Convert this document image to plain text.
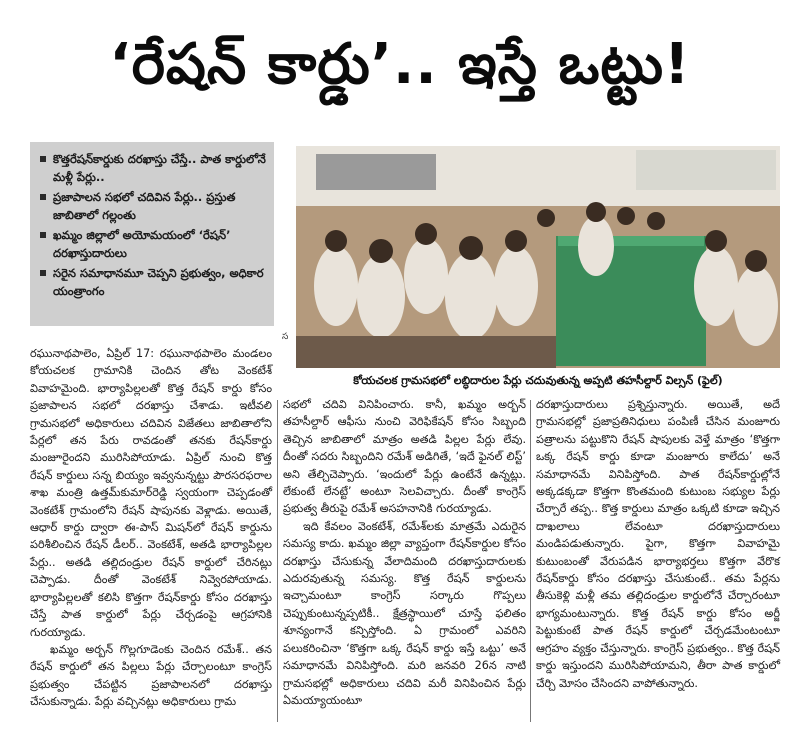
‘రేషన్ కార్డు’.. ఇస్తే ఒట్టు!
కొత్తరేషన్‌కార్డుకు దరఖాస్తు చేస్తే.. పాత కార్డులోనే మళ్లీ పేర్లు..
ప్రజాపాలన సభలో చదివిన పేర్లు.. ప్రస్తుత జాబితాలో గల్లంతు
ఖమ్మం జిల్లాలో అయోమయంలో ‘రేషన్’ దరఖాస్తుదారులు
సరైన సమాధానమూ చెప్పని ప్రభుత్వం, అధికార యంత్రాంగం
స
కోయచలక గ్రామసభలో లబ్ధిదారుల పేర్లు చదువుతున్న అప్పటి తహసీల్దార్ విల్సన్ (ఫైల్)

రఘునాథపాలెం, ఏప్రిల్ 17: రఘునాథపాలెం మండలం కోయచలక గ్రామానికి చెందిన తోట వెంకటేశ్ వివాహమైంది. భార్యాపిల్లలతో కొత్త రేషన్ కార్డు కోసం ప్రజాపాలన సభలో దరఖాస్తు చేశాడు. ఇటీవలి గ్రామసభలో అధికారులు చదివిన విజేతలు జాబితాలోని పేర్లలో తన పేరు రావడంతో తనకు రేషన్‌కార్డు మంజూరైందని మురిసిపోయాడు. ఏప్రిల్ నుంచి కొత్త రేషన్ కార్డులు సన్న బియ్యం ఇవ్వనున్నట్టు పౌరసరఫరాల శాఖ మంత్రి ఉత్తమ్‌కుమార్‌రెడ్డి స్వయంగా చెప్పడంతో వెంకటేశ్ గ్రామంలోని రేషన్ షాపునకు వెళ్లాడు. అయితే, ఆధార్ కార్డు ద్వారా ఈ-పాస్ మిషన్‌లో రేషన్ కార్డును పరిశీలించిన రేషన్ డీలర్.. వెంకటేశ్, అతడి భార్యాపిల్లల పేర్లు.. అతడి తల్లిదండ్రుల రేషన్ కార్డులో చేరినట్లు చెప్పాడు. దీంతో వెంకటేశ్ నివ్వెరపోయాడు. భార్యాపిల్లలతో కలిసి కొత్తగా రేషన్‌కార్డు కోసం దరఖాస్తు చేస్తే పాత కార్డులో పేర్లు చేర్చడంపై ఆగ్రహానికి గురయ్యాడు.

ఖమ్మం అర్బన్ గొల్లగూడెంకు చెందిన రమేశ్.. తన రేషన్ కార్డులో తన పిల్లలు పేర్లు చేర్చాలంటూ కాంగ్రెస్ ప్రభుత్వం చేపట్టిన ప్రజాపాలనలో దరఖాస్తు చేసుకున్నాడు. పేర్లు వచ్చినట్లు అధికారులు గ్రామ

సభలో చదివి వినిపించారు. కానీ, ఖమ్మం అర్బన్ తహసీల్దార్ ఆఫీసు నుంచి వెరిఫికేషన్ కోసం సిబ్బంది తెచ్చిన జాబితాలో మాత్రం అతడి పిల్లల పేర్లు లేవు. దీంతో సదరు సిబ్బందిని రమేశ్ అడిగితే, ‘ఇదే ఫైనల్ లిస్ట్’ అని తేల్చిచెప్పారు. ‘ఇందులో పేర్లు ఉంటేనే ఉన్నట్లు. లేకుంటే లేనట్టే’ అంటూ సెలవిచ్చారు. దీంతో కాంగ్రెస్ ప్రభుత్వ తీరుపై రమేశ్ అసహనానికి గురయ్యాడు.

ఇది కేవలం వెంకటేశ్, రమేశ్‌లకు మాత్రమే ఎదురైన సమస్య కాదు. ఖమ్మం జిల్లా వ్యాప్తంగా రేషన్‌కార్డుల కోసం దరఖాస్తు చేసుకున్న వేలాదిమంది దరఖాస్తుదారులకు ఎదురవుతున్న సమస్య. కొత్త రేషన్ కార్డులను ఇచ్చామంటూ కాంగ్రెస్ సర్కారు గొప్పలు చెప్పుకుంటున్నప్పటికీ.. క్షేత్రస్థాయిలో చూస్తే ఫలితం శూన్యంగానే కన్పిస్తోంది. ఏ గ్రామంలో ఎవరిని పలుకరించినా ‘కొత్తగా ఒక్క రేషన్ కార్డు ఇస్తే ఒట్టు’ అనే సమాధానమే వినిపిస్తోంది. మరి జనవరి 26న నాటి గ్రామసభల్లో అధికారులు చదివి మరీ వినిపించిన పేర్లు ఏమయ్యాయంటూ

దరఖాస్తుదారులు ప్రశ్నిస్తున్నారు. అయితే, అదే గ్రామసభల్లో ప్రజాప్రతినిధులు పంపిణీ చేసిన మంజూరు పత్రాలను పట్టుకొని రేషన్ షాపులకు వెళ్తే మాత్రం ‘కొత్తగా ఒక్క రేషన్ కార్డు కూడా మంజూరు కాలేదు’ అనే సమాధానమే వినిపిస్తోంది. పాత రేషన్‌కార్డుల్లోనే అక్కడక్కడా కొత్తగా కొంతమంది కుటుంబ సభ్యుల పేర్లు చేర్చారే తప్ప.. కొత్త కార్డులు మాత్రం ఒక్కటి కూడా ఇచ్చిన దాఖలాలు లేవంటూ దరఖాస్తుదారులు మండిపడుతున్నారు. పైగా, కొత్తగా వివాహమై కుటుంబంతో వేరుపడిన భార్యాభర్తలు కొత్తగా వేరొక రేషన్‌కార్డు కోసం దరఖాస్తు చేసుకుంటే.. తమ పేర్లను తీసుకెళ్లి మళ్లీ తమ తల్లిదండ్రుల కార్డులోనే చేర్చారంటూ భాగ్యమంటున్నారు. కొత్త రేషన్ కార్డు కోసం అర్జీ పెట్టుకుంటే పాత రేషన్ కార్డులో చేర్చడమేంటంటూ ఆగ్రహం వ్యక్తం చేస్తున్నారు. కాంగ్రెస్ ప్రభుత్వం.. కొత్త రేషన్ కార్డు ఇస్తుందని మురిసిపోయామని, తీరా పాత కార్డులో చేర్చి మోసం చేసిందని వాపోతున్నారు.
